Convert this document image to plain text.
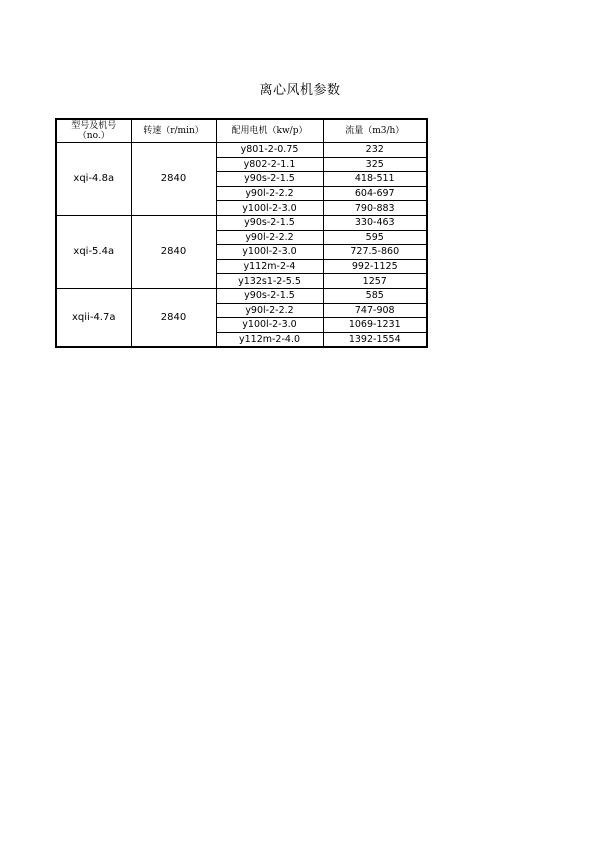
离心风机参数
型号及机号
（no.）	转速（r/min）	配用电机（kw/p）	流量（m3/h）
xqi-4.8a	2840	y801-2-0.75	232
		y802-2-1.1	325
		y90s-2-1.5	418-511
		y90l-2-2.2	604-697
		y100l-2-3.0	790-883
xqi-5.4a	2840	y90s-2-1.5	330-463
		y90l-2-2.2	595
		y100l-2-3.0	727.5-860
		y112m-2-4	992-1125
		y132s1-2-5.5	1257
xqii-4.7a	2840	y90s-2-1.5	585
		y90l-2-2.2	747-908
		y100l-2-3.0	1069-1231
		y112m-2-4.0	1392-1554
